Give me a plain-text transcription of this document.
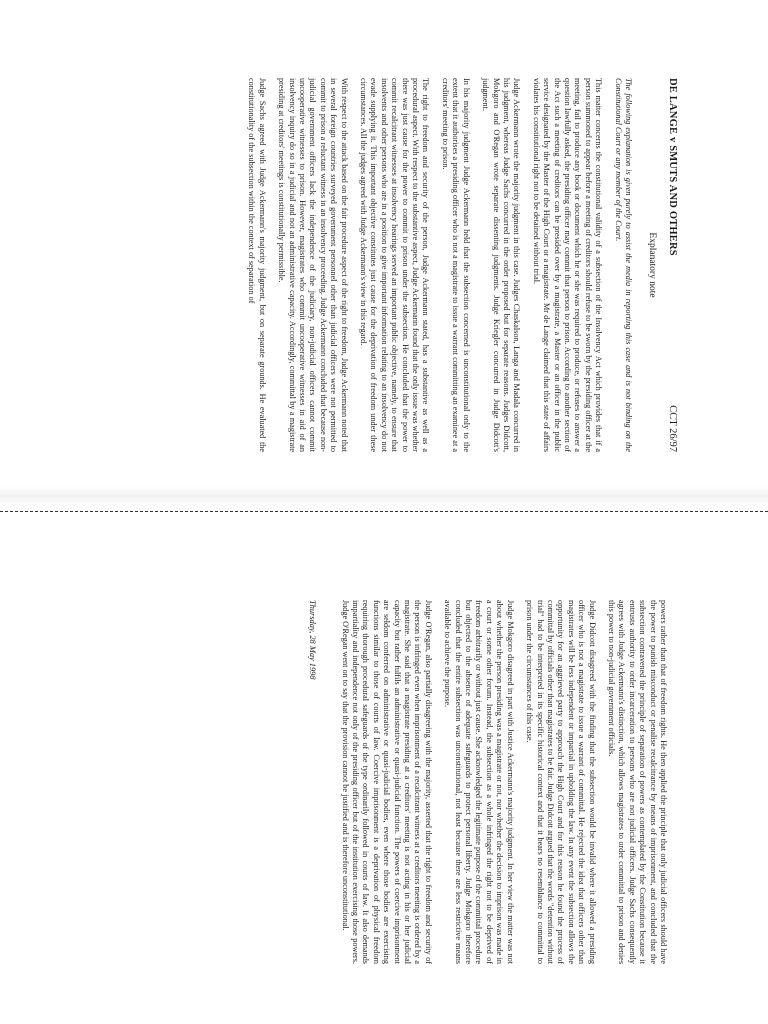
DE LANGE v SMUTS AND OTHERS
CCT 26/97
Explanatory note

The following explanation is given purely to assist the media in reporting this case and is not binding on the Constitutional Court or any member of the Court.

This matter concerns the constitutional validity of a subsection of the Insolvency Act which provides that if a person summoned to appear before a meeting of creditors should refuse to be sworn by the presiding officer at the meeting, fail to produce any book or document which he or she was required to produce, or refuses to answer a question lawfully asked, the presiding officer may commit that person to prison. According to another section of the Act such a meeting of creditors can be presided over by a magistrate, a Master or an officer in the public service designated by the Master of the High Court or a magistrate. Mr de Lange claimed that this state of affairs violates his constitutional right not to be detained without trial.

Judge Ackermann wrote the majority judgment in this case. Judges Chaskalson, Langa and Madala concurred in his judgment, whereas Judge Sachs concurred in the order proposed but for separate reasons. Judges Didcott, Mokgoro and O'Regan wrote separate dissenting judgments. Judge Kriegler concurred in Judge Didcott's judgment.

In his majority judgment Judge Ackermann held that the subsection concerned is unconstitutional only to the extent that it authorises a presiding officer who is not a magistrate to issue a warrant committing an examinee at a creditors' meeting to prison.

The right to freedom and security of the person, Judge Ackermann stated, has a substantive as well as a procedural aspect. With respect to the substantive aspect, Judge Ackermann found that the only issue was whether there was just cause for the power to commit to prison under the subsection. He concluded that the power to commit recalcitrant witnesses at insolvency hearings served an important public objective, namely, to ensure that insolvents and other persons who are in a position to give important information relating to an insolvency do not evade supplying it. This important objective constitutes just cause for the deprivation of freedom under these circumstances. All the judges agreed with Judge Ackermann's view in this regard.

With respect to the attack based on the fair procedure aspect of the right to freedom, Judge Ackermann noted that in several foreign countries surveyed government personnel other than judicial officers were not permitted to commit to prison a reluctant witness in an insolvency proceeding. Judge Ackermann concluded that because non-judicial government officers lack the independence of the judiciary, non-judicial officers cannot commit uncooperative witnesses to prison. However, magistrates who commit uncooperative witnesses in aid of an insolvency inquiry do so in a judicial and not an administrative capacity. Accordingly, committal by a magistrate presiding at creditors' meetings is constitutionally permissible.

Judge Sachs agreed with Judge Ackermann's majority judgment, but on separate grounds. He evaluated the constitutionality of the subsection within the context of separation of

powers rather than that of freedom rights. He then applied the principle that only judicial officers should have the power to punish misconduct or penalise recalcitrance by means of imprisonment, and concluded that the subsection contravened the principle of separation of powers as contemplated by the Constitution because it entrusts authority to order incarceration to persons who are not judicial officers. Judge Sachs consequently agrees with Judge Ackermann's distinction, which allows magistrates to order committal to prison and denies this power to non-judicial government officials.

Judge Didcott disagreed with the finding that the subsection would be invalid where it allowed a presiding officer who is not a magistrate to issue a warrant of committal. He rejected the idea that officers other than magistrates will be less independent or impartial in upholding the law. In any event the subsection allows the opportunity for an aggrieved party to approach the High Court and for this reason he found the process of committal by officials other than magistrates to be fair. Judge Didcott argued that the words "detention without trial" had to be interpreted in its specific historical context and that it bears no resemblance to committal to prison under the circumstances of this case.

Judge Mokgoro disagreed in part with Justice Ackermann's majority judgment. In her view the matter was not about whether the person presiding was a magistrate or not, nor whether the decision to imprison was made in a court or some other forum. Instead, the subsection as a whole infringed the right not to be deprived of freedom arbitrarily or without just cause. She acknowledged the legitimate purpose of the committal procedure but objected to the absence of adequate safeguards to protect personal liberty. Judge Mokgoro therefore concluded that the entire subsection was unconstitutional, not least because there are less restrictive means available to achieve the purpose.

Judge O'Regan, also partially disagreeing with the majority, asserted that the right to freedom and security of the person is infringed even when imprisonment of a recalcitrant witness at a creditors meeting is ordered by a magistrate. She said that a magistrate presiding at a creditors' meeting is not acting in his or her judicial capacity but rather fulfils an administrative or quasi-judicial function. The powers of coercive imprisonment are seldom conferred on administrative or quasi-judicial bodies, even where those bodies are exercising functions similar to those of courts of law. Coercive imprisonment is a deprivation of physical freedom requiring thorough procedural safeguards of the type ordinarily followed in courts of law. It also demands impartiality and independence not only of the presiding officer but of the institution exercising those powers. Judge O'Regan went on to say that the provision cannot be justified and is therefore unconstitutional.

Thursday, 28 May 1998
